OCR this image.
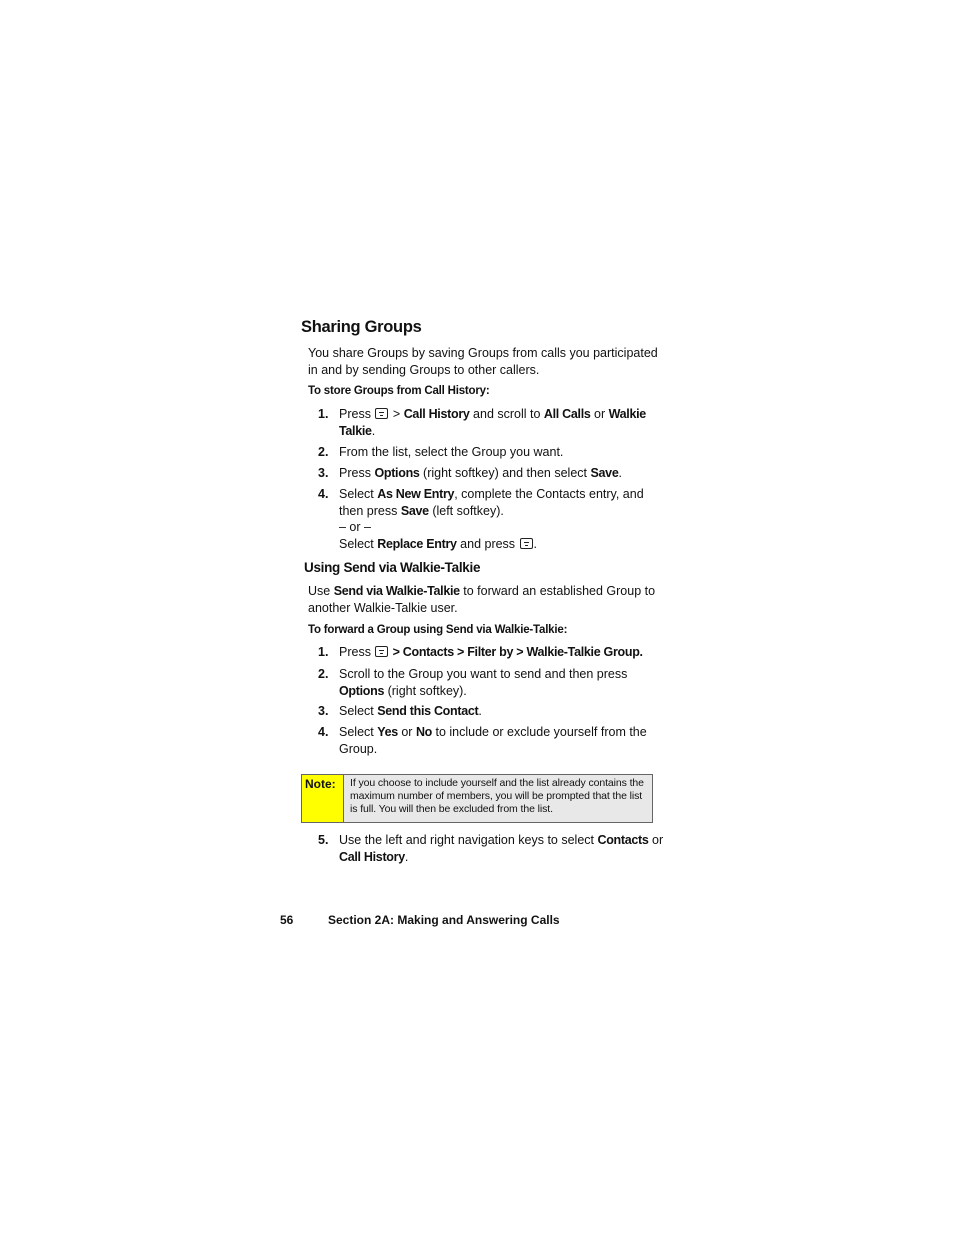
Sharing Groups

You share Groups by saving Groups from calls you participated in and by sending Groups to other callers.

To store Groups from Call History:

1. Press  > Call History and scroll to All Calls or Walkie Talkie.
2. From the list, select the Group you want.
3. Press Options (right softkey) and then select Save.
4. Select As New Entry, complete the Contacts entry, and then press Save (left softkey).
– or –
Select Replace Entry and press .
Using Send via Walkie-Talkie

Use Send via Walkie-Talkie to forward an established Group to another Walkie-Talkie user.

To forward a Group using Send via Walkie-Talkie:

1. Press  > Contacts > Filter by > Walkie-Talkie Group.
2. Scroll to the Group you want to send and then press Options (right softkey).
3. Select Send this Contact.
4. Select Yes or No to include or exclude yourself from the Group.
Note:	If you choose to include yourself and the list already contains the maximum number of members, you will be prompted that the list is full. You will then be excluded from the list.
5. Use the left and right navigation keys to select Contacts or Call History.
56	Section 2A: Making and Answering Calls
